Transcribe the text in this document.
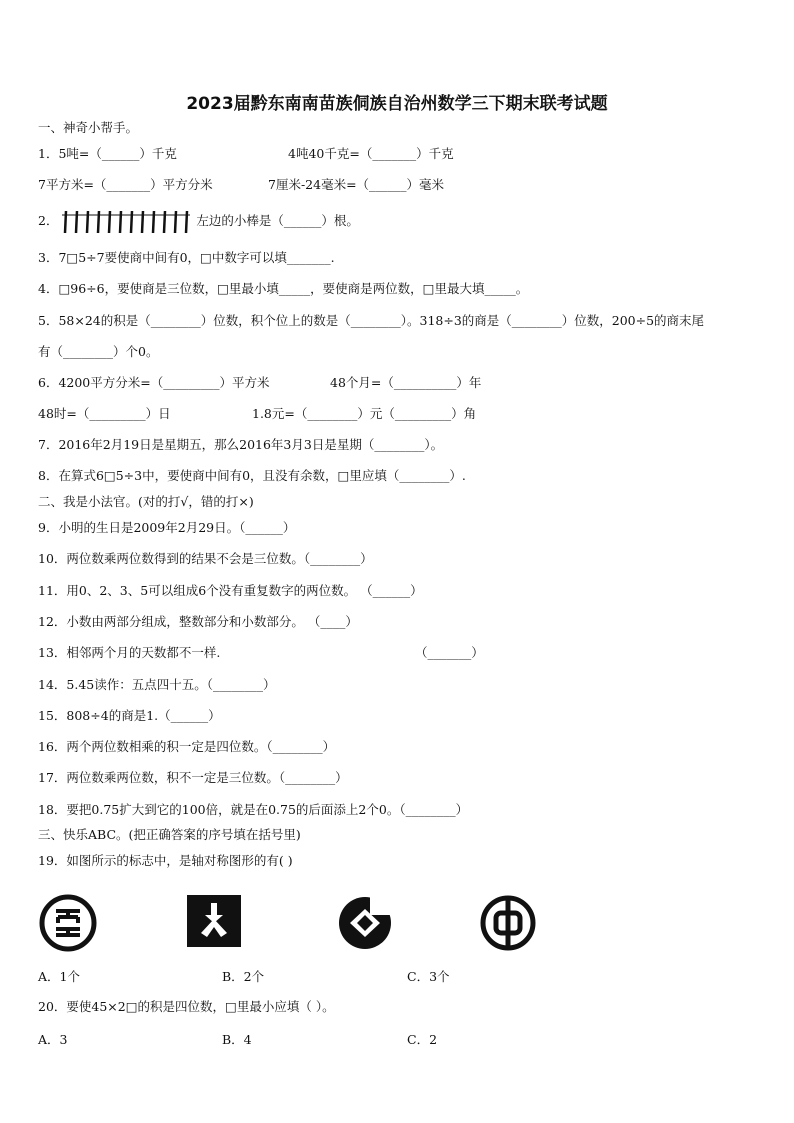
2023届黔东南南苗族侗族自治州数学三下期末联考试题
一、神奇小帮手。
1．5吨=（______）千克	4吨40千克=（_______）千克
7平方米=（_______）平方分米	7厘米-24毫米=（______）毫米
2．	左边的小棒是（______）根。
3．7□5÷7要使商中间有0，□中数字可以填_______.
4．□96÷6，要使商是三位数，□里最小填_____，要使商是两位数，□里最大填_____。
5．58×24的积是（________）位数，积个位上的数是（________）。318÷3的商是（________）位数，200÷5的商末尾
有（________）个0。
6．4200平方分米=（_________）平方米	48个月=（__________）年
48时=（_________）日	1.8元=（________）元（_________）角
7．2016年2月19日是星期五，那么2016年3月3日是星期（________）。
8．在算式6□5÷3中，要使商中间有0，且没有余数，□里应填（________）.
二、我是小法官。(对的打√，错的打×)
9．小明的生日是2009年2月29日。（______）
10．两位数乘两位数得到的结果不会是三位数。（________）
11．用0、2、3、5可以组成6个没有重复数字的两位数。 （______）
12．小数由两部分组成，整数部分和小数部分。 （____）
13．相邻两个月的天数都不一样.	（_______）
14．5.45读作：五点四十五。（________）
15．808÷4的商是1.（______）
16．两个两位数相乘的积一定是四位数。（________）
17．两位数乘两位数，积不一定是三位数。（________）
18．要把0.75扩大到它的100倍，就是在0.75的后面添上2个0。（________）
三、快乐ABC。(把正确答案的序号填在括号里)
19．如图所示的标志中，是轴对称图形的有( )
A．1个	B．2个	C．3个
20．要使45×2□的积是四位数，□里最小应填（ ）。
A．3	B．4	C．2
